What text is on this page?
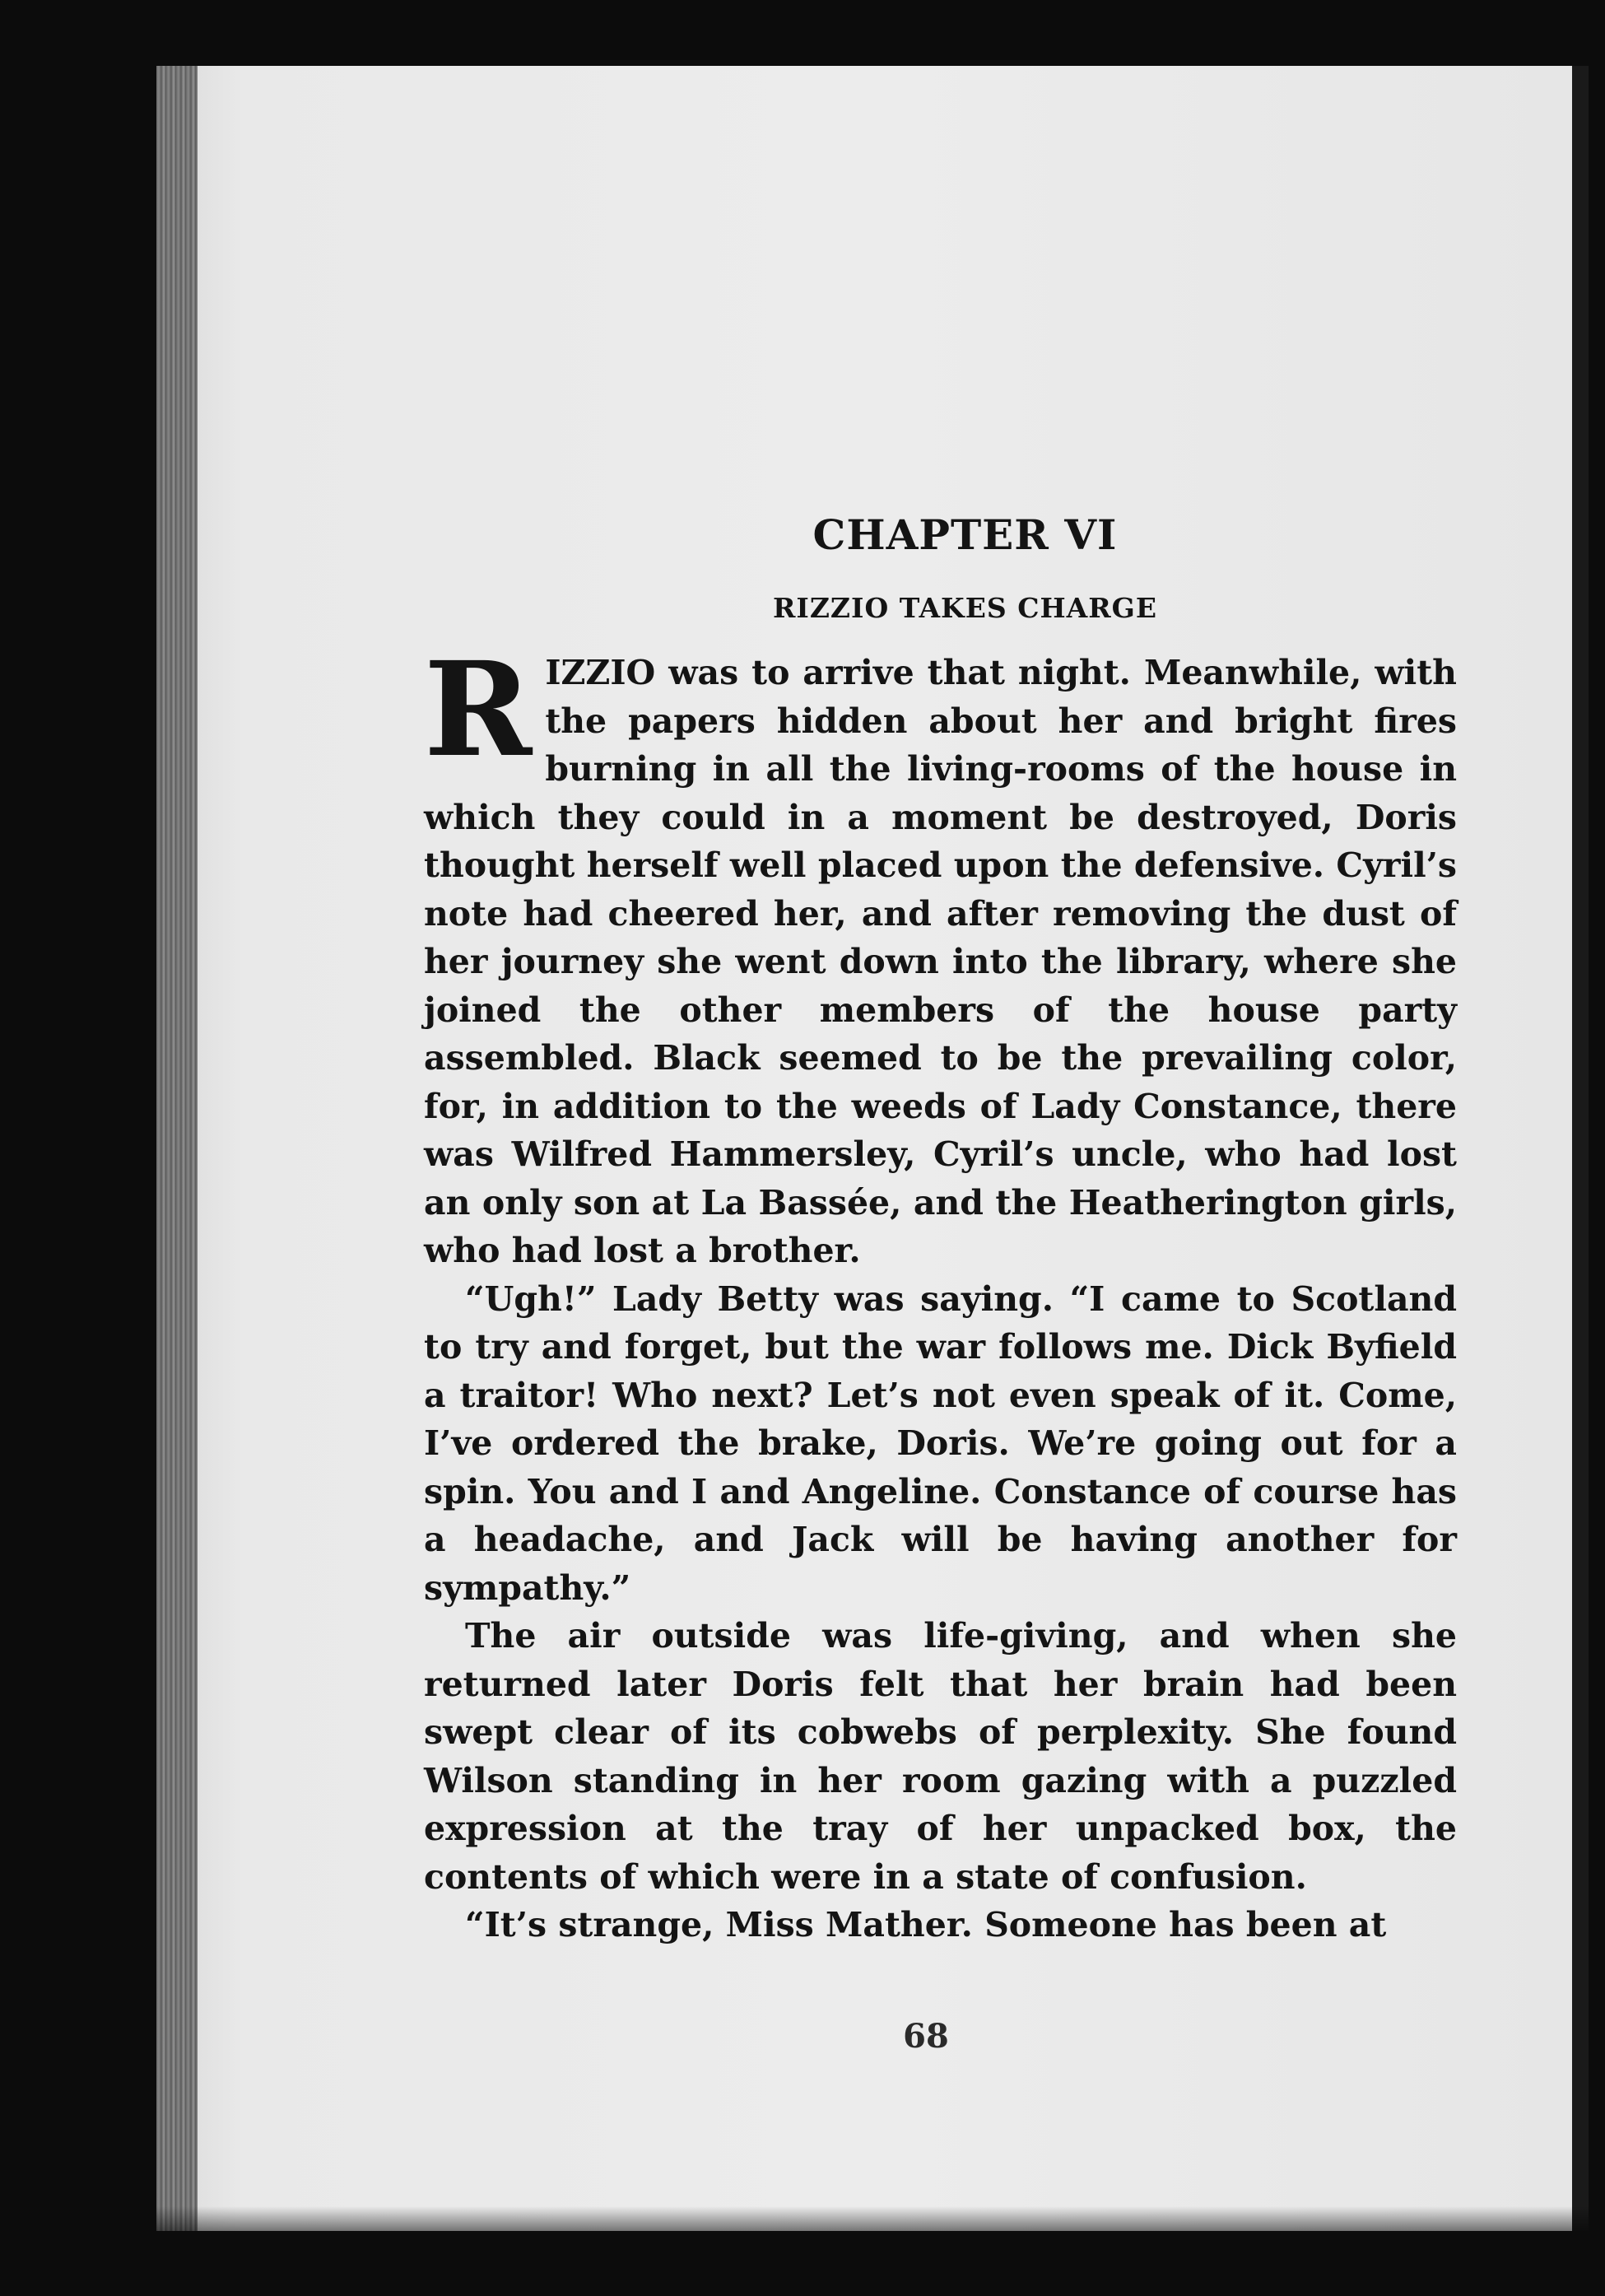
CHAPTER VI
RIZZIO TAKES CHARGE

RIZZIO was to arrive that night. Meanwhile, with the papers hidden about her and bright fires burning in all the living-rooms of the house in which they could in a moment be destroyed, Doris thought herself well placed upon the defensive. Cyril’s note had cheered her, and after removing the dust of her journey she went down into the library, where she joined the other members of the house party assembled. Black seemed to be the prevailing color, for, in addition to the weeds of Lady Constance, there was Wilfred Hammersley, Cyril’s uncle, who had lost an only son at La Bassée, and the Heatherington girls, who had lost a brother.

“Ugh!” Lady Betty was saying. “I came to Scotland to try and forget, but the war follows me. Dick Byfield a traitor! Who next? Let’s not even speak of it. Come, I’ve ordered the brake, Doris. We’re going out for a spin. You and I and Angeline. Constance of course has a headache, and Jack will be having another for sympathy.”

The air outside was life-giving, and when she returned later Doris felt that her brain had been swept clear of its cobwebs of perplexity. She found Wilson standing in her room gazing with a puzzled expression at the tray of her unpacked box, the contents of which were in a state of confusion.

“It’s strange, Miss Mather. Someone has been at

68
